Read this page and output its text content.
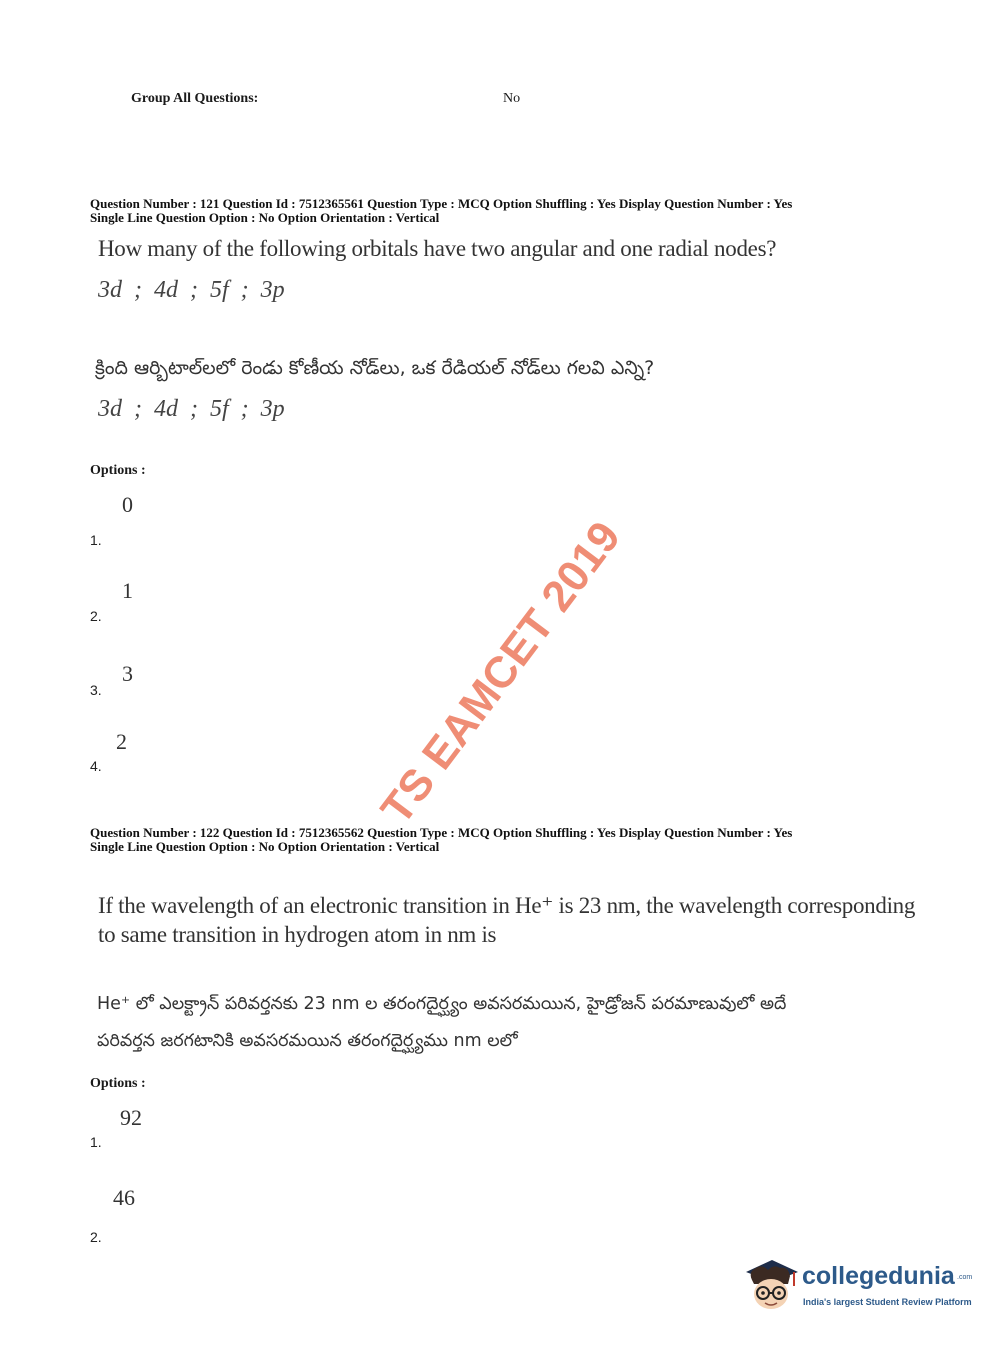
Group All Questions:	No
Question Number : 121 Question Id : 7512365561 Question Type : MCQ Option Shuffling : Yes Display Question Number : Yes
Single Line Question Option : No Option Orientation : Vertical
How many of the following orbitals have two angular and one radial nodes?
3d ; 4d ; 5f ; 3p
క్రింది ఆర్బిటాల్‌లలో రెండు కోణీయ నోడ్‌లు, ఒక రేడియల్ నోడ్‌లు గలవి ఎన్ని?
3d ; 4d ; 5f ; 3p
Options :
0
1.
1
2.
3
3.
2
4.
Question Number : 122 Question Id : 7512365562 Question Type : MCQ Option Shuffling : Yes Display Question Number : Yes
Single Line Question Option : No Option Orientation : Vertical
If the wavelength of an electronic transition in He⁺ is 23 nm, the wavelength corresponding
to same transition in hydrogen atom in nm is
He⁺ లో ఎలక్ట్రాన్ పరివర్తనకు 23 nm ల తరంగదైర్ఘ్యం అవసరమయిన, హైడ్రోజన్ పరమాణువులో అదే
పరివర్తన జరగటానికి అవసరమయిన తరంగదైర్ఘ్యము nm లలో
Options :
92
1.
46
2.
TS EAMCET 2019
collegedunia .com
India's largest Student Review Platform
